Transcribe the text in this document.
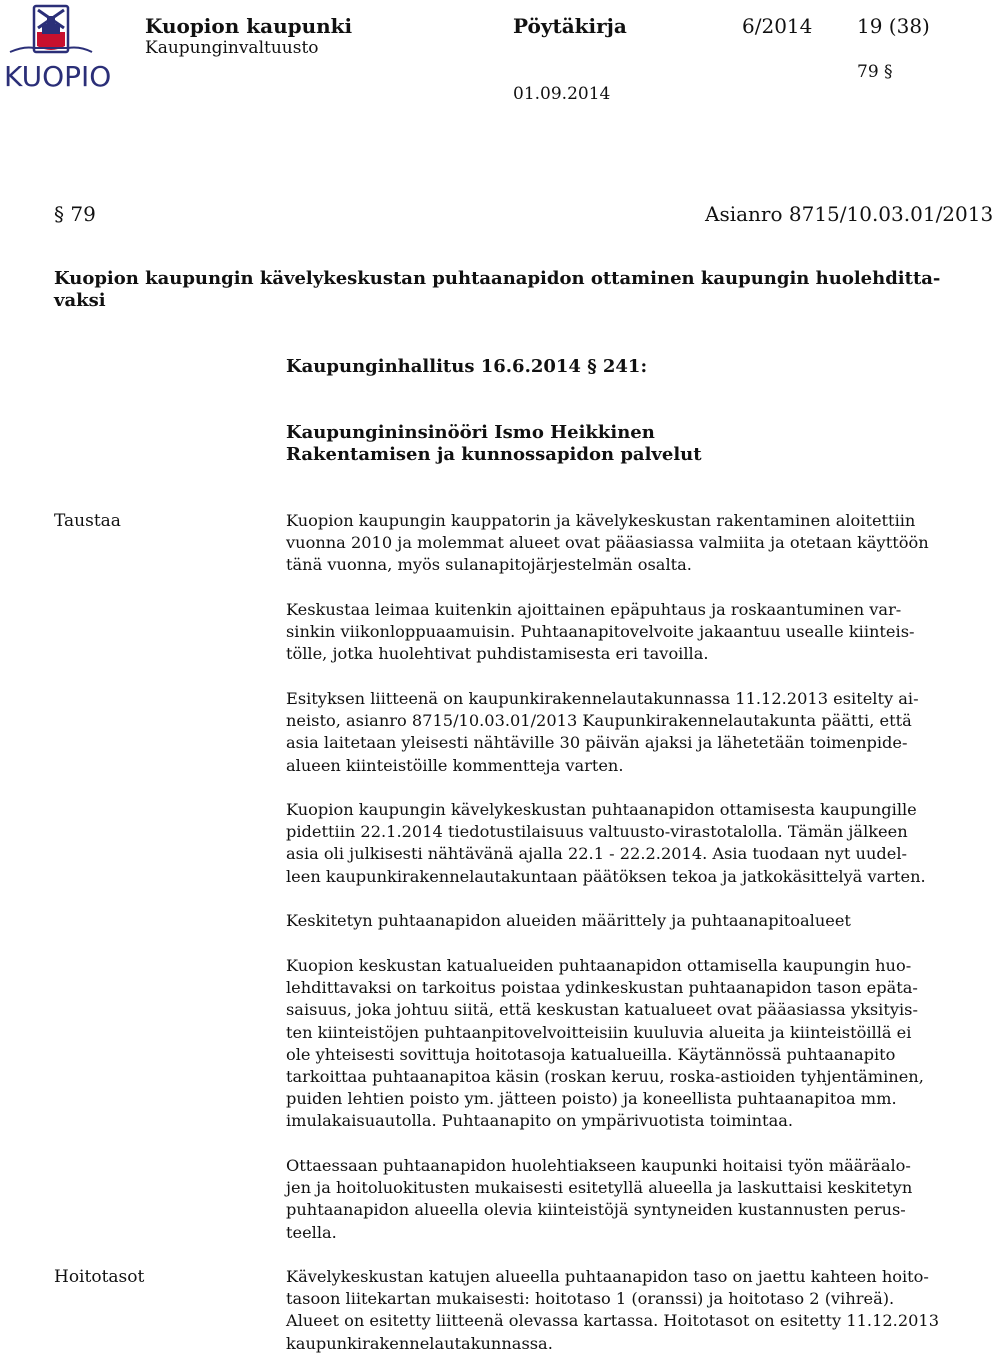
KUOPIO
Kuopion kaupunki
Kaupunginvaltuusto
Pöytäkirja	6/2014 19 (38)
79 §
01.09.2014
§ 79	Asianro 8715/10.03.01/2013
Kuopion kaupungin kävelykeskustan puhtaanapidon ottaminen kaupungin huolehditta-
vaksi
Kaupunginhallitus 16.6.2014 § 241:
Kaupungininsinööri Ismo Heikkinen
Rakentamisen ja kunnossapidon palvelut
Taustaa
Hoitotasot

Kuopion kaupungin kauppatorin ja kävelykeskustan rakentaminen aloitettiin

vuonna 2010 ja molemmat alueet ovat pääasiassa valmiita ja otetaan käyttöön

tänä vuonna, myös sulanapitojärjestelmän osalta.

Keskustaa leimaa kuitenkin ajoittainen epäpuhtaus ja roskaantuminen var-

sinkin viikonloppuaamuisin. Puhtaanapitovelvoite jakaantuu usealle kiinteis-

tölle, jotka huolehtivat puhdistamisesta eri tavoilla.

Esityksen liitteenä on kaupunkirakennelautakunnassa 11.12.2013 esitelty ai-

neisto, asianro 8715/10.03.01/2013 Kaupunkirakennelautakunta päätti, että

asia laitetaan yleisesti nähtäville 30 päivän ajaksi ja lähetetään toimenpide-

alueen kiinteistöille kommentteja varten.

Kuopion kaupungin kävelykeskustan puhtaanapidon ottamisesta kaupungille

pidettiin 22.1.2014 tiedotustilaisuus valtuusto-virastotalolla. Tämän jälkeen

asia oli julkisesti nähtävänä ajalla 22.1 - 22.2.2014. Asia tuodaan nyt uudel-

leen kaupunkirakennelautakuntaan päätöksen tekoa ja jatkokäsittelyä varten.

Keskitetyn puhtaanapidon alueiden määrittely ja puhtaanapitoalueet

Kuopion keskustan katualueiden puhtaanapidon ottamisella kaupungin huo-

lehdittavaksi on tarkoitus poistaa ydinkeskustan puhtaanapidon tason epäta-

saisuus, joka johtuu siitä, että keskustan katualueet ovat pääasiassa yksityis-

ten kiinteistöjen puhtaanpitovelvoitteisiin kuuluvia alueita ja kiinteistöillä ei

ole yhteisesti sovittuja hoitotasoja katualueilla. Käytännössä puhtaanapito

tarkoittaa puhtaanapitoa käsin (roskan keruu, roska-astioiden tyhjentäminen,

puiden lehtien poisto ym. jätteen poisto) ja koneellista puhtaanapitoa mm.

imulakaisuautolla. Puhtaanapito on ympärivuotista toimintaa.

Ottaessaan puhtaanapidon huolehtiakseen kaupunki hoitaisi työn määräalo-

jen ja hoitoluokitusten mukaisesti esitetyllä alueella ja laskuttaisi keskitetyn

puhtaanapidon alueella olevia kiinteistöjä syntyneiden kustannusten perus-

teella.

Kävelykeskustan katujen alueella puhtaanapidon taso on jaettu kahteen hoito-

tasoon liitekartan mukaisesti: hoitotaso 1 (oranssi) ja hoitotaso 2 (vihreä).

Alueet on esitetty liitteenä olevassa kartassa. Hoitotasot on esitetty 11.12.2013

kaupunkirakennelautakunnassa.
